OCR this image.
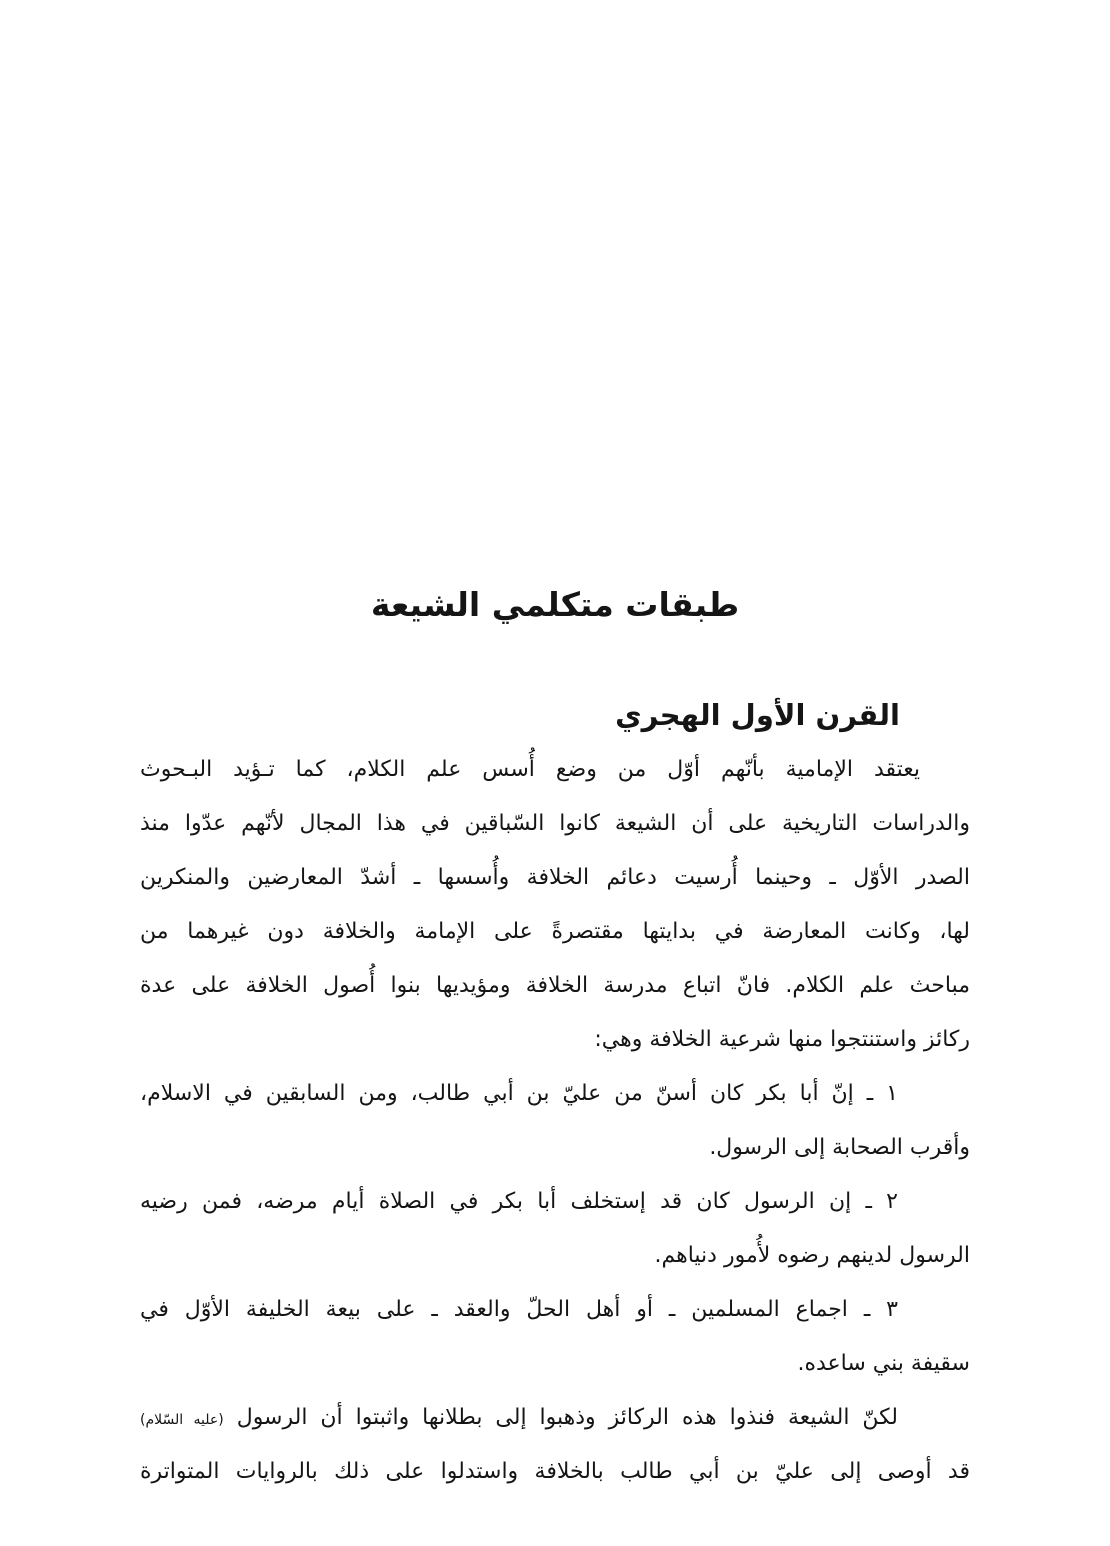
طبقات متكلمي الشيعة
القرن الأول الهجري
يعتقد الإمامية بأنّهم أوّل من وضع أُسس علم الكلام، كما تـؤيد البـحوث
والدراسات التاريخية على أن الشيعة كانوا السّباقين في هذا المجال لأنّهم عدّوا منذ
الصدر الأوّل ـ وحينما أُرسيت دعائم الخلافة وأُسسها ـ أشدّ المعارضين والمنكرين
لها، وكانت المعارضة في بدايتها مقتصرةً على الإمامة والخلافة دون غيرهما من
مباحث علم الكلام. فانّ اتباع مدرسة الخلافة ومؤيديها بنوا أُصول الخلافة على عدة
ركائز واستنتجوا منها شرعية الخلافة وهي:
١ ـ إنّ أبا بكر كان أسنّ من عليّ بن أبي طالب، ومن السابقين في الاسلام،
وأقرب الصحابة إلى الرسول.
٢ ـ إن الرسول كان قد إستخلف أبا بكر في الصلاة أيام مرضه، فمن رضيه
الرسول لدينهم رضوه لأُمور دنياهم.
٣ ـ اجماع المسلمين ـ أو أهل الحلّ والعقد ـ على بيعة الخليفة الأوّل في
سقيفة بني ساعده.
لكنّ الشيعة فنذوا هذه الركائز وذهبوا إلى بطلانها واثبتوا أن الرسول (عليه السّلام)
قد أوصى إلى عليّ بن أبي طالب بالخلافة واستدلوا على ذلك بالروايات المتواترة
